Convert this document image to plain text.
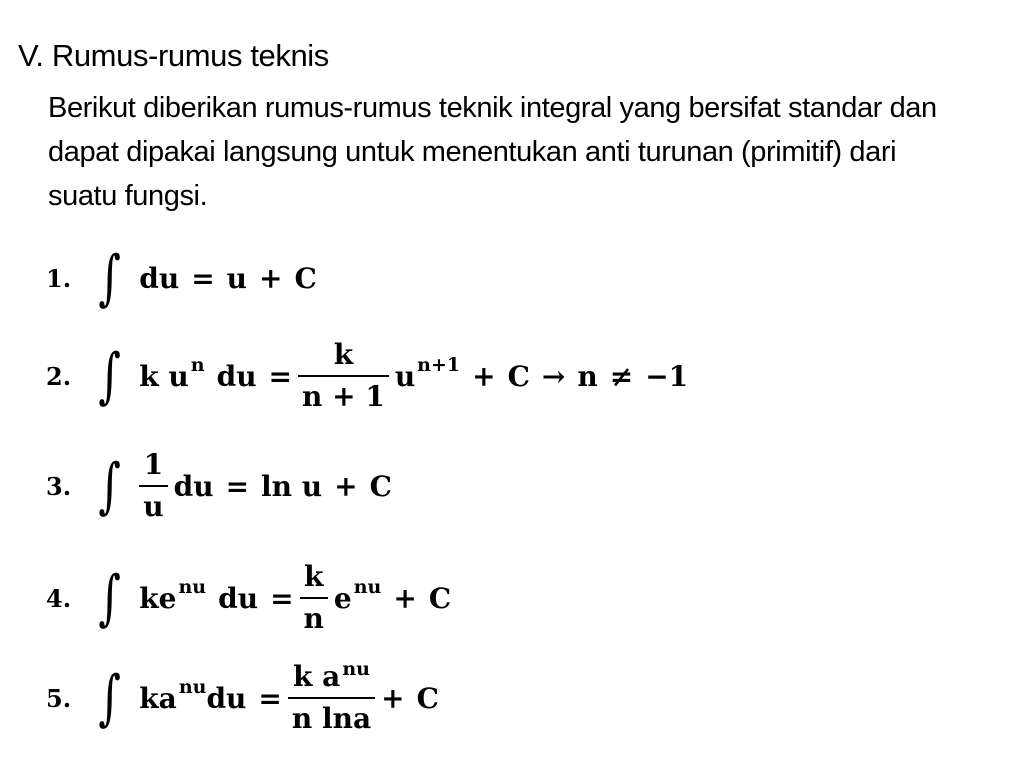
V. Rumus-rumus teknis
Berikut diberikan rumus-rumus teknik integral yang bersifat standar dan dapat dipakai langsung untuk menentukan anti turunan (primitif) dari suatu fungsi.
1. ∫ du = u + C
2. ∫ k u n du = $\frac{k}{n + 1}$ u n+1 + C → n ≠ −1
3. ∫ $\frac{1}{u}$ du = ln u + C
4. ∫ ke nu du = $\frac{k}{n}$ e nu + C
5. ∫ ka nu du = $\frac{k a ^{nu}}{\text{n lna}} + C$
